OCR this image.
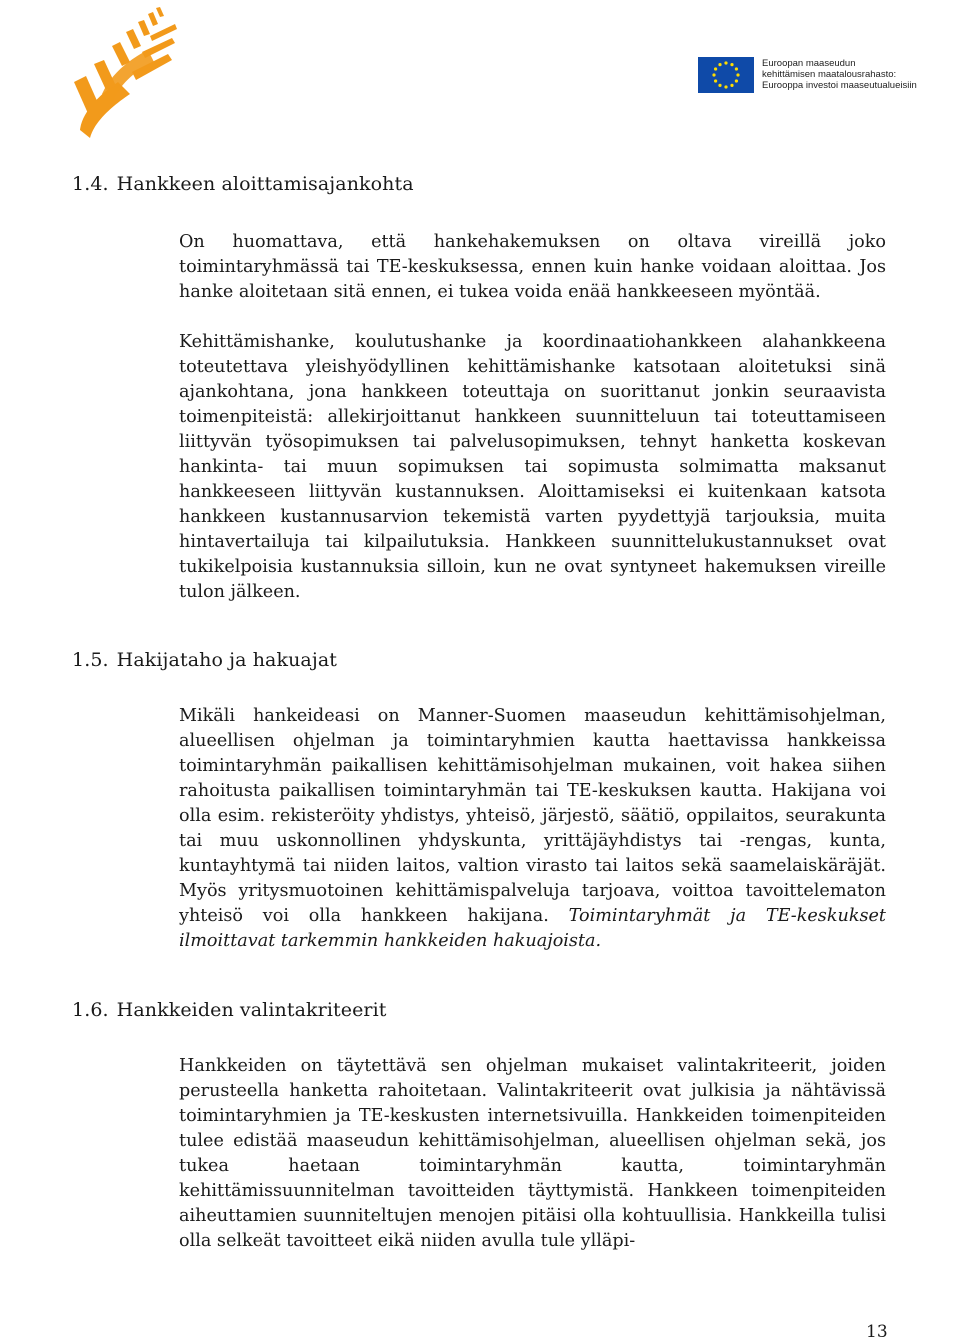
Euroopan maaseudun
kehittämisen maatalousrahasto:
Eurooppa investoi maaseutualueisiin
1.4. Hankkeen aloittamisajankohta

On huomattava, että hankehakemuksen on oltava vireillä joko toimintaryhmässä tai TE-keskuksessa, ennen kuin hanke voidaan aloittaa. Jos hanke aloitetaan sitä ennen, ei tukea voida enää hankkeeseen myöntää.

Kehittämishanke, koulutushanke ja koordinaatiohankkeen alahankkeena toteutettava yleishyödyllinen kehittämishanke katsotaan aloitetuksi sinä ajankohtana, jona hankkeen toteuttaja on suorittanut jonkin seuraavista toimenpiteistä: allekirjoittanut hankkeen suunnitteluun tai toteuttamiseen liittyvän työsopimuksen tai palvelusopimuksen, tehnyt hanketta koskevan hankinta- tai muun sopimuksen tai sopimusta solmimatta maksanut hankkeeseen liittyvän kustannuksen. Aloittamiseksi ei kuitenkaan katsota hankkeen kustannusarvion tekemistä varten pyydettyjä tarjouksia, muita hintavertailuja tai kilpailutuksia. Hankkeen suunnittelukustannukset ovat tukikelpoisia kustannuksia silloin, kun ne ovat syntyneet hakemuksen vireille tulon jälkeen.

1.5. Hakijataho ja hakuajat

Mikäli hankeideasi on Manner-Suomen maaseudun kehittämisohjelman, alueellisen ohjelman ja toimintaryhmien kautta haettavissa hankkeissa toimintaryhmän paikallisen kehittämisohjelman mukainen, voit hakea siihen rahoitusta paikallisen toimintaryhmän tai TE-keskuksen kautta. Hakijana voi olla esim. rekisteröity yhdistys, yhteisö, järjestö, säätiö, oppilaitos, seurakunta tai muu uskonnollinen yhdyskunta, yrittäjäyhdistys tai -rengas, kunta, kuntayhtymä tai niiden laitos, valtion virasto tai laitos sekä saamelaiskäräjät. Myös yritysmuotoinen kehittämispalveluja tarjoava, voittoa tavoittelematon yhteisö voi olla hankkeen hakijana. Toimintaryhmät ja TE-keskukset ilmoittavat tarkemmin hankkeiden hakuajoista.

1.6. Hankkeiden valintakriteerit

Hankkeiden on täytettävä sen ohjelman mukaiset valintakriteerit, joiden perusteella hanketta rahoitetaan. Valintakriteerit ovat julkisia ja nähtävissä toimintaryhmien ja TE-keskusten internetsivuilla. Hankkeiden toimenpiteiden tulee edistää maaseudun kehittämisohjelman, alueellisen ohjelman sekä, jos tukea haetaan toimintaryhmän kautta, toimintaryhmän kehittämissuunnitelman tavoitteiden täyttymistä. Hankkeen toimenpiteiden aiheuttamien suunniteltujen menojen pitäisi olla kohtuullisia. Hankkeilla tulisi olla selkeät tavoitteet eikä niiden avulla tule ylläpi-

13
